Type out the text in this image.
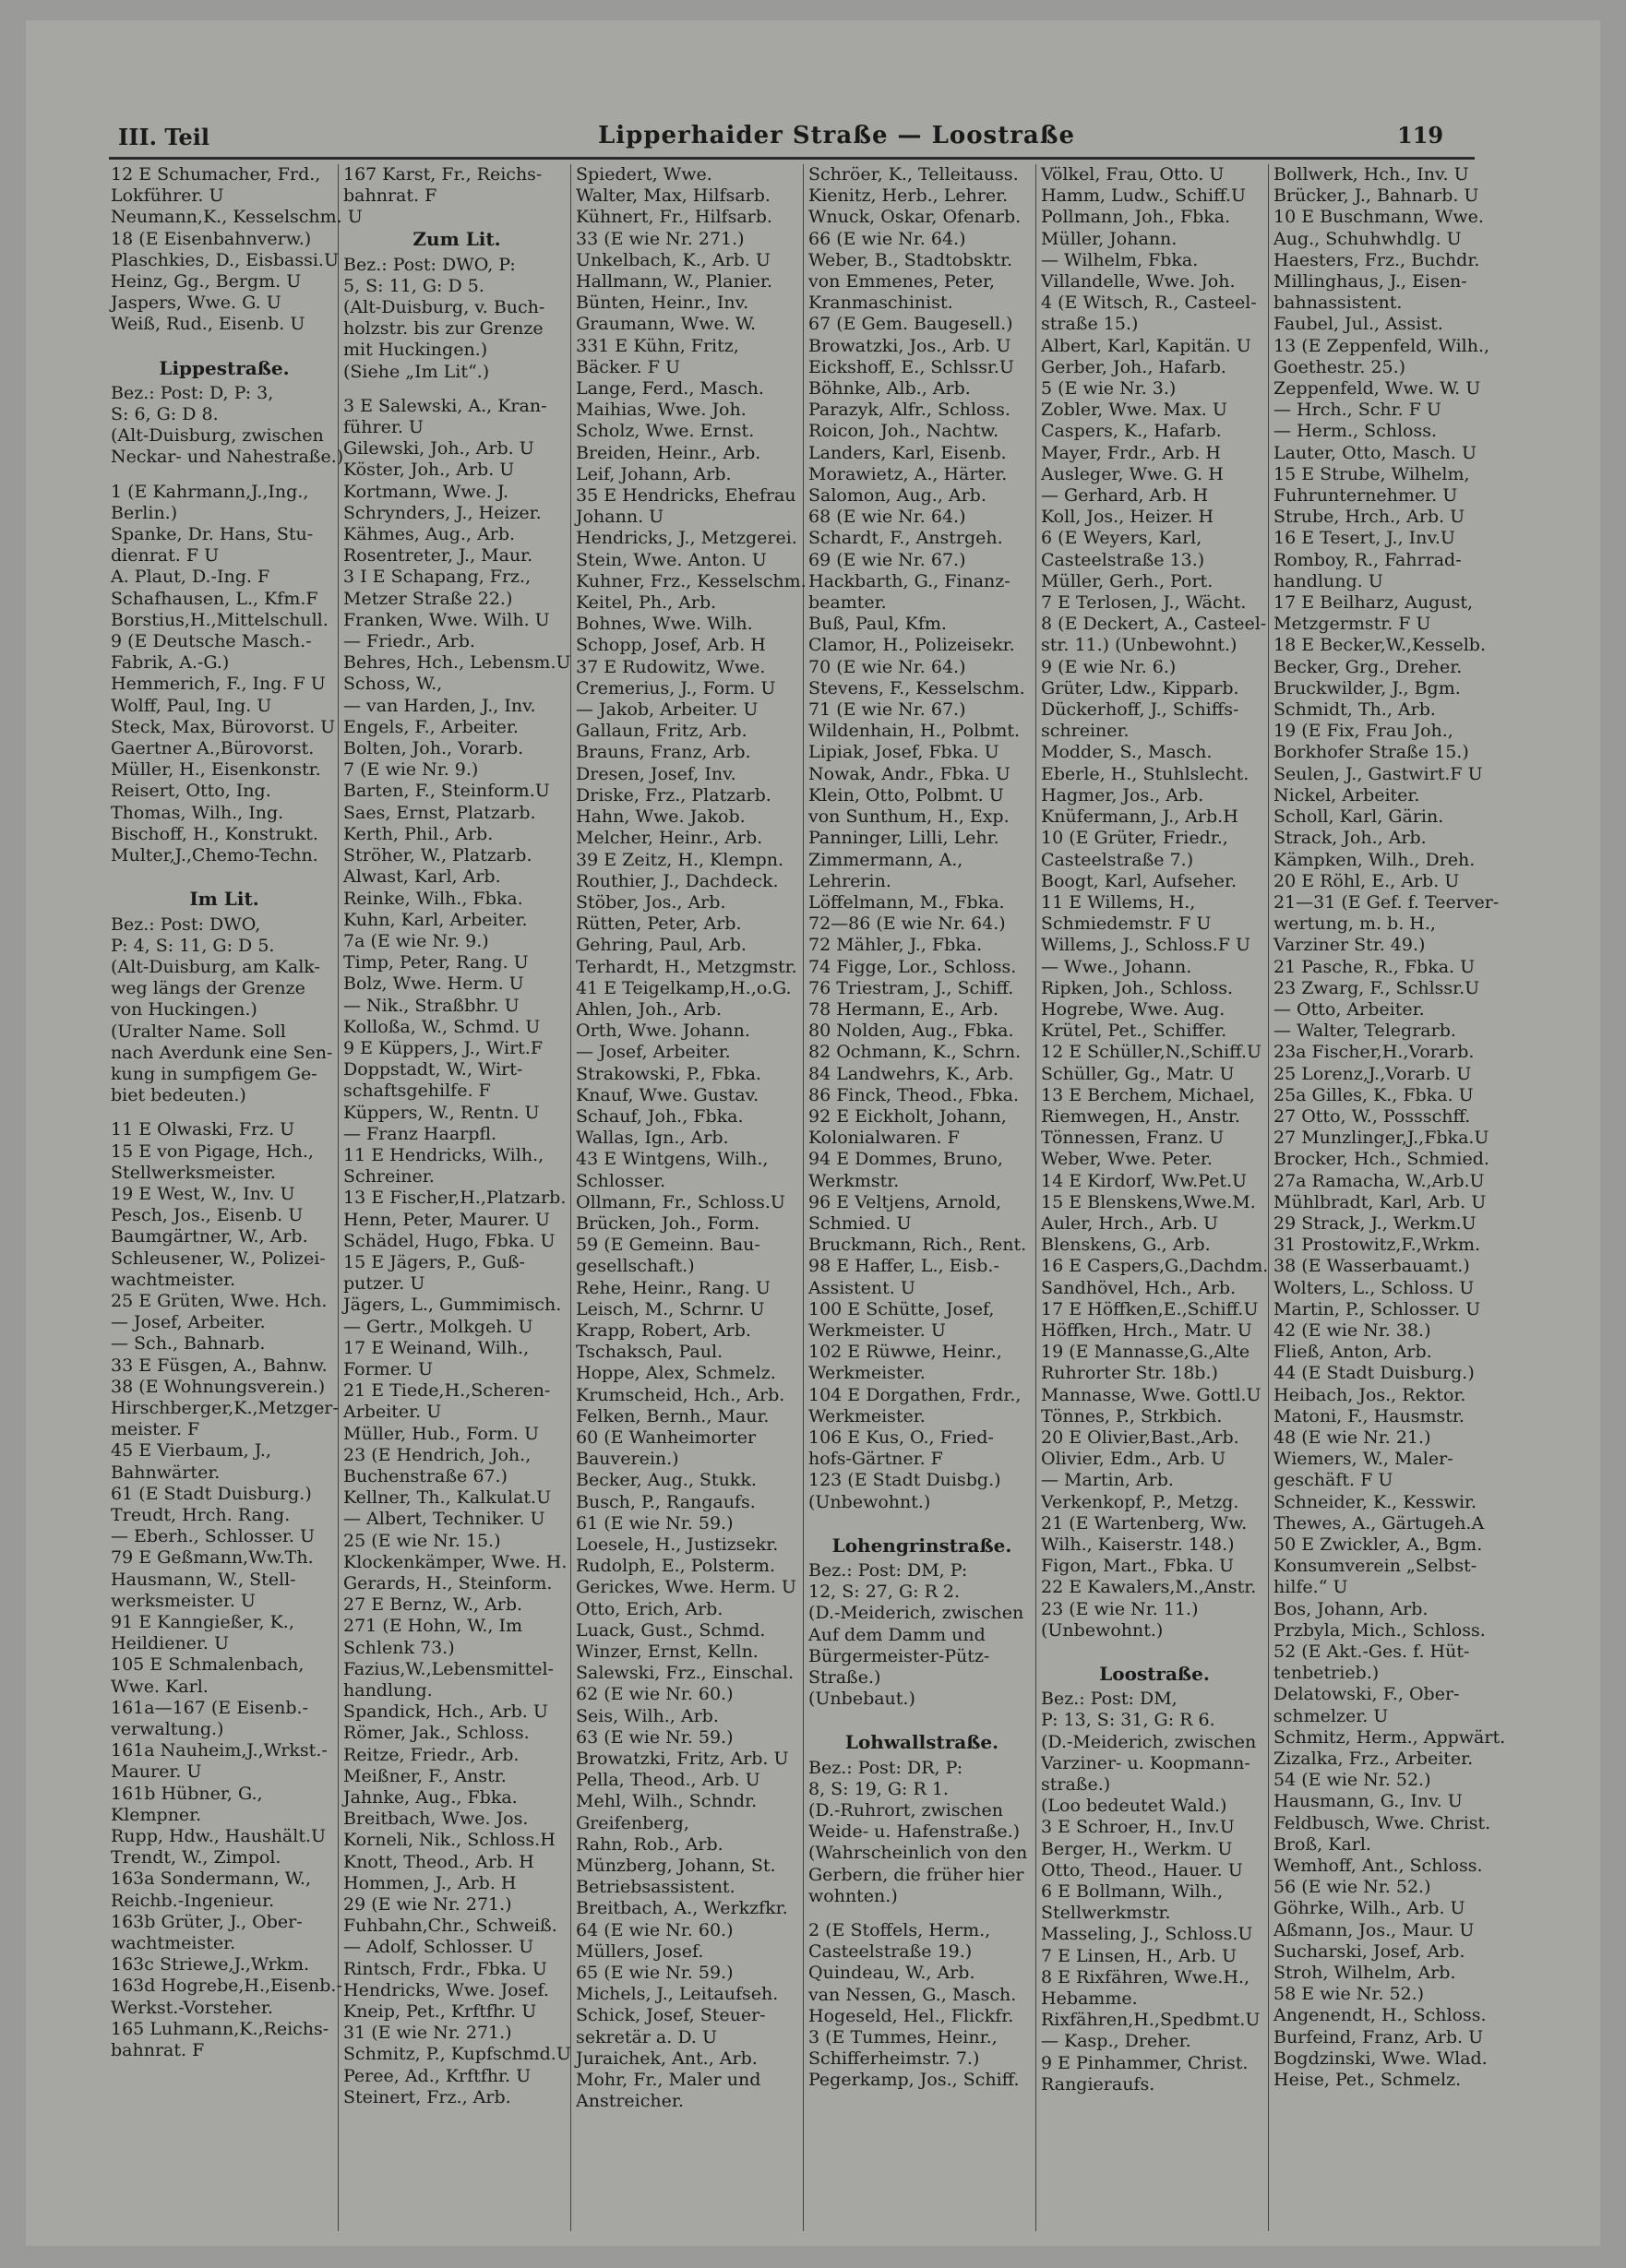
III. Teil	Lipperhaider Straße — Loostraße	119
12 E Schumacher, Frd.,
Lokführer. U
Neumann,K., Kesselschm. U
18 (E Eisenbahnverw.)
Plaschkies, D., Eisbassi.U
Heinz, Gg., Bergm. U
Jaspers, Wwe. G. U
Weiß, Rud., Eisenb. U
Lippestraße.
Bez.: Post: D, P: 3,
S: 6, G: D 8.
(Alt-Duisburg, zwischen
Neckar- und Nahestraße.)
1 (E Kahrmann,J.,Ing.,
Berlin.)
Spanke, Dr. Hans, Stu-
dienrat. F U
A. Plaut, D.-Ing. F
Schafhausen, L., Kfm.F
Borstius,H.,Mittelschull.
9 (E Deutsche Masch.-
Fabrik, A.-G.)
Hemmerich, F., Ing. F U
Wolff, Paul, Ing. U
Steck, Max, Bürovorst. U
Gaertner A.,Bürovorst.
Müller, H., Eisenkonstr.
Reisert, Otto, Ing.
Thomas, Wilh., Ing.
Bischoff, H., Konstrukt.
Multer,J.,Chemo-Techn.
Im Lit.
Bez.: Post: DWO,
P: 4, S: 11, G: D 5.
(Alt-Duisburg, am Kalk-
weg längs der Grenze
von Huckingen.)
(Uralter Name. Soll
nach Averdunk eine Sen-
kung in sumpfigem Ge-
biet bedeuten.)
11 E Olwaski, Frz. U
15 E von Pigage, Hch.,
Stellwerksmeister.
19 E West, W., Inv. U
Pesch, Jos., Eisenb. U
Baumgärtner, W., Arb.
Schleusener, W., Polizei-
wachtmeister.
25 E Grüten, Wwe. Hch.
— Josef, Arbeiter.
— Sch., Bahnarb.
33 E Füsgen, A., Bahnw.
38 (E Wohnungsverein.)
Hirschberger,K.,Metzger-
meister. F
45 E Vierbaum, J.,
Bahnwärter.
61 (E Stadt Duisburg.)
Treudt, Hrch. Rang.
— Eberh., Schlosser. U
79 E Geßmann,Ww.Th.
Hausmann, W., Stell-
werksmeister. U
91 E Kanngießer, K.,
Heildiener. U
105 E Schmalenbach,
Wwe. Karl.
161a—167 (E Eisenb.-
verwaltung.)
161a Nauheim,J.,Wrkst.-
Maurer. U
161b Hübner, G.,
Klempner.
Rupp, Hdw., Haushält.U
Trendt, W., Zimpol.
163a Sondermann, W.,
Reichb.-Ingenieur.
163b Grüter, J., Ober-
wachtmeister.
163c Striewe,J.,Wrkm.
163d Hogrebe,H.,Eisenb.-
Werkst.-Vorsteher.
165 Luhmann,K.,Reichs-
bahnrat. F
167 Karst, Fr., Reichs-
bahnrat. F
Zum Lit.
Bez.: Post: DWO, P:
5, S: 11, G: D 5.
(Alt-Duisburg, v. Buch-
holzstr. bis zur Grenze
mit Huckingen.)
(Siehe „Im Lit“.)
3 E Salewski, A., Kran-
führer. U
Gilewski, Joh., Arb. U
Köster, Joh., Arb. U
Kortmann, Wwe. J.
Schrynders, J., Heizer.
Kähmes, Aug., Arb.
Rosentreter, J., Maur.
3 I E Schapang, Frz.,
Metzer Straße 22.)
Franken, Wwe. Wilh. U
— Friedr., Arb.
Behres, Hch., Lebensm.U
Schoss, W.,
— van Harden, J., Inv.
Engels, F., Arbeiter.
Bolten, Joh., Vorarb.
7 (E wie Nr. 9.)
Barten, F., Steinform.U
Saes, Ernst, Platzarb.
Kerth, Phil., Arb.
Ströher, W., Platzarb.
Alwast, Karl, Arb.
Reinke, Wilh., Fbka.
Kuhn, Karl, Arbeiter.
7a (E wie Nr. 9.)
Timp, Peter, Rang. U
Bolz, Wwe. Herm. U
— Nik., Straßbhr. U
Kolloßa, W., Schmd. U
9 E Küppers, J., Wirt.F
Doppstadt, W., Wirt-
schaftsgehilfe. F
Küppers, W., Rentn. U
— Franz Haarpfl.
11 E Hendricks, Wilh.,
Schreiner.
13 E Fischer,H.,Platzarb.
Henn, Peter, Maurer. U
Schädel, Hugo, Fbka. U
15 E Jägers, P., Guß-
putzer. U
Jägers, L., Gummimisch.
— Gertr., Molkgeh. U
17 E Weinand, Wilh.,
Former. U
21 E Tiede,H.,Scheren-
Arbeiter. U
Müller, Hub., Form. U
23 (E Hendrich, Joh.,
Buchenstraße 67.)
Kellner, Th., Kalkulat.U
— Albert, Techniker. U
25 (E wie Nr. 15.)
Klockenkämper, Wwe. H.
Gerards, H., Steinform.
27 E Bernz, W., Arb.
271 (E Hohn, W., Im
Schlenk 73.)
Fazius,W.,Lebensmittel-
handlung.
Spandick, Hch., Arb. U
Römer, Jak., Schloss.
Reitze, Friedr., Arb.
Meißner, F., Anstr.
Jahnke, Aug., Fbka.
Breitbach, Wwe. Jos.
Korneli, Nik., Schloss.H
Knott, Theod., Arb. H
Hommen, J., Arb. H
29 (E wie Nr. 271.)
Fuhbahn,Chr., Schweiß.
— Adolf, Schlosser. U
Rintsch, Frdr., Fbka. U
Hendricks, Wwe. Josef.
Kneip, Pet., Krftfhr. U
31 (E wie Nr. 271.)
Schmitz, P., Kupfschmd.U
Peree, Ad., Krftfhr. U
Steinert, Frz., Arb.
Spiedert, Wwe.
Walter, Max, Hilfsarb.
Kühnert, Fr., Hilfsarb.
33 (E wie Nr. 271.)
Unkelbach, K., Arb. U
Hallmann, W., Planier.
Bünten, Heinr., Inv.
Graumann, Wwe. W.
331 E Kühn, Fritz,
Bäcker. F U
Lange, Ferd., Masch.
Maihias, Wwe. Joh.
Scholz, Wwe. Ernst.
Breiden, Heinr., Arb.
Leif, Johann, Arb.
35 E Hendricks, Ehefrau
Johann. U
Hendricks, J., Metzgerei.
Stein, Wwe. Anton. U
Kuhner, Frz., Kesselschm.
Keitel, Ph., Arb.
Bohnes, Wwe. Wilh.
Schopp, Josef, Arb. H
37 E Rudowitz, Wwe.
Cremerius, J., Form. U
— Jakob, Arbeiter. U
Gallaun, Fritz, Arb.
Brauns, Franz, Arb.
Dresen, Josef, Inv.
Driske, Frz., Platzarb.
Hahn, Wwe. Jakob.
Melcher, Heinr., Arb.
39 E Zeitz, H., Klempn.
Routhier, J., Dachdeck.
Stöber, Jos., Arb.
Rütten, Peter, Arb.
Gehring, Paul, Arb.
Terhardt, H., Metzgmstr.
41 E Teigelkamp,H.,o.G.
Ahlen, Joh., Arb.
Orth, Wwe. Johann.
— Josef, Arbeiter.
Strakowski, P., Fbka.
Knauf, Wwe. Gustav.
Schauf, Joh., Fbka.
Wallas, Ign., Arb.
43 E Wintgens, Wilh.,
Schlosser.
Ollmann, Fr., Schloss.U
Brücken, Joh., Form.
59 (E Gemeinn. Bau-
gesellschaft.)
Rehe, Heinr., Rang. U
Leisch, M., Schrnr. U
Krapp, Robert, Arb.
Tschaksch, Paul.
Hoppe, Alex, Schmelz.
Krumscheid, Hch., Arb.
Felken, Bernh., Maur.
60 (E Wanheimorter
Bauverein.)
Becker, Aug., Stukk.
Busch, P., Rangaufs.
61 (E wie Nr. 59.)
Loesele, H., Justizsekr.
Rudolph, E., Polsterm.
Gerickes, Wwe. Herm. U
Otto, Erich, Arb.
Luack, Gust., Schmd.
Winzer, Ernst, Kelln.
Salewski, Frz., Einschal.
62 (E wie Nr. 60.)
Seis, Wilh., Arb.
63 (E wie Nr. 59.)
Browatzki, Fritz, Arb. U
Pella, Theod., Arb. U
Mehl, Wilh., Schndr.
Greifenberg,
Rahn, Rob., Arb.
Münzberg, Johann, St.
Betriebsassistent.
Breitbach, A., Werkzfkr.
64 (E wie Nr. 60.)
Müllers, Josef.
65 (E wie Nr. 59.)
Michels, J., Leitaufseh.
Schick, Josef, Steuer-
sekretär a. D. U
Juraichek, Ant., Arb.
Mohr, Fr., Maler und
Anstreicher.
Schröer, K., Telleitauss.
Kienitz, Herb., Lehrer.
Wnuck, Oskar, Ofenarb.
66 (E wie Nr. 64.)
Weber, B., Stadtobsktr.
von Emmenes, Peter,
Kranmaschinist.
67 (E Gem. Baugesell.)
Browatzki, Jos., Arb. U
Eickshoff, E., Schlssr.U
Böhnke, Alb., Arb.
Parazyk, Alfr., Schloss.
Roicon, Joh., Nachtw.
Landers, Karl, Eisenb.
Morawietz, A., Härter.
Salomon, Aug., Arb.
68 (E wie Nr. 64.)
Schardt, F., Anstrgeh.
69 (E wie Nr. 67.)
Hackbarth, G., Finanz-
beamter.
Buß, Paul, Kfm.
Clamor, H., Polizeisekr.
70 (E wie Nr. 64.)
Stevens, F., Kesselschm.
71 (E wie Nr. 67.)
Wildenhain, H., Polbmt.
Lipiak, Josef, Fbka. U
Nowak, Andr., Fbka. U
Klein, Otto, Polbmt. U
von Sunthum, H., Exp.
Panninger, Lilli, Lehr.
Zimmermann, A.,
Lehrerin.
Löffelmann, M., Fbka.
72—86 (E wie Nr. 64.)
72 Mähler, J., Fbka.
74 Figge, Lor., Schloss.
76 Triestram, J., Schiff.
78 Hermann, E., Arb.
80 Nolden, Aug., Fbka.
82 Ochmann, K., Schrn.
84 Landwehrs, K., Arb.
86 Finck, Theod., Fbka.
92 E Eickholt, Johann,
Kolonialwaren. F
94 E Dommes, Bruno,
Werkmstr.
96 E Veltjens, Arnold,
Schmied. U
Bruckmann, Rich., Rent.
98 E Haffer, L., Eisb.-
Assistent. U
100 E Schütte, Josef,
Werkmeister. U
102 E Rüwwe, Heinr.,
Werkmeister.
104 E Dorgathen, Frdr.,
Werkmeister.
106 E Kus, O., Fried-
hofs-Gärtner. F
123 (E Stadt Duisbg.)
(Unbewohnt.)
Lohengrinstraße.
Bez.: Post: DM, P:
12, S: 27, G: R 2.
(D.-Meiderich, zwischen
Auf dem Damm und
Bürgermeister-Pütz-
Straße.)
(Unbebaut.)
Lohwallstraße.
Bez.: Post: DR, P:
8, S: 19, G: R 1.
(D.-Ruhrort, zwischen
Weide- u. Hafenstraße.)
(Wahrscheinlich von den
Gerbern, die früher hier
wohnten.)
2 (E Stoffels, Herm.,
Casteelstraße 19.)
Quindeau, W., Arb.
van Nessen, G., Masch.
Hogeseld, Hel., Flickfr.
3 (E Tummes, Heinr.,
Schifferheimstr. 7.)
Pegerkamp, Jos., Schiff.
Völkel, Frau, Otto. U
Hamm, Ludw., Schiff.U
Pollmann, Joh., Fbka.
Müller, Johann.
— Wilhelm, Fbka.
Villandelle, Wwe. Joh.
4 (E Witsch, R., Casteel-
straße 15.)
Albert, Karl, Kapitän. U
Gerber, Joh., Hafarb.
5 (E wie Nr. 3.)
Zobler, Wwe. Max. U
Caspers, K., Hafarb.
Mayer, Frdr., Arb. H
Ausleger, Wwe. G. H
— Gerhard, Arb. H
Koll, Jos., Heizer. H
6 (E Weyers, Karl,
Casteelstraße 13.)
Müller, Gerh., Port.
7 E Terlosen, J., Wächt.
8 (E Deckert, A., Casteel-
str. 11.) (Unbewohnt.)
9 (E wie Nr. 6.)
Grüter, Ldw., Kipparb.
Dückerhoff, J., Schiffs-
schreiner.
Modder, S., Masch.
Eberle, H., Stuhlslecht.
Hagmer, Jos., Arb.
Knüfermann, J., Arb.H
10 (E Grüter, Friedr.,
Casteelstraße 7.)
Boogt, Karl, Aufseher.
11 E Willems, H.,
Schmiedemstr. F U
Willems, J., Schloss.F U
— Wwe., Johann.
Ripken, Joh., Schloss.
Hogrebe, Wwe. Aug.
Krütel, Pet., Schiffer.
12 E Schüller,N.,Schiff.U
Schüller, Gg., Matr. U
13 E Berchem, Michael,
Riemwegen, H., Anstr.
Tönnessen, Franz. U
Weber, Wwe. Peter.
14 E Kirdorf, Ww.Pet.U
15 E Blenskens,Wwe.M.
Auler, Hrch., Arb. U
Blenskens, G., Arb.
16 E Caspers,G.,Dachdm.
Sandhövel, Hch., Arb.
17 E Höffken,E.,Schiff.U
Höffken, Hrch., Matr. U
19 (E Mannasse,G.,Alte
Ruhrorter Str. 18b.)
Mannasse, Wwe. Gottl.U
Tönnes, P., Strkbich.
20 E Olivier,Bast.,Arb.
Olivier, Edm., Arb. U
— Martin, Arb.
Verkenkopf, P., Metzg.
21 (E Wartenberg, Ww.
Wilh., Kaiserstr. 148.)
Figon, Mart., Fbka. U
22 E Kawalers,M.,Anstr.
23 (E wie Nr. 11.)
(Unbewohnt.)
Loostraße.
Bez.: Post: DM,
P: 13, S: 31, G: R 6.
(D.-Meiderich, zwischen
Varziner- u. Koopmann-
straße.)
(Loo bedeutet Wald.)
3 E Schroer, H., Inv.U
Berger, H., Werkm. U
Otto, Theod., Hauer. U
6 E Bollmann, Wilh.,
Stellwerkmstr.
Masseling, J., Schloss.U
7 E Linsen, H., Arb. U
8 E Rixfähren, Wwe.H.,
Hebamme.
Rixfähren,H.,Spedbmt.U
— Kasp., Dreher.
9 E Pinhammer, Christ.
Rangieraufs.
Bollwerk, Hch., Inv. U
Brücker, J., Bahnarb. U
10 E Buschmann, Wwe.
Aug., Schuhwhdlg. U
Haesters, Frz., Buchdr.
Millinghaus, J., Eisen-
bahnassistent.
Faubel, Jul., Assist.
13 (E Zeppenfeld, Wilh.,
Goethestr. 25.)
Zeppenfeld, Wwe. W. U
— Hrch., Schr. F U
— Herm., Schloss.
Lauter, Otto, Masch. U
15 E Strube, Wilhelm,
Fuhrunternehmer. U
Strube, Hrch., Arb. U
16 E Tesert, J., Inv.U
Romboy, R., Fahrrad-
handlung. U
17 E Beilharz, August,
Metzgermstr. F U
18 E Becker,W.,Kesselb.
Becker, Grg., Dreher.
Bruckwilder, J., Bgm.
Schmidt, Th., Arb.
19 (E Fix, Frau Joh.,
Borkhofer Straße 15.)
Seulen, J., Gastwirt.F U
Nickel, Arbeiter.
Scholl, Karl, Gärin.
Strack, Joh., Arb.
Kämpken, Wilh., Dreh.
20 E Röhl, E., Arb. U
21—31 (E Gef. f. Teerver-
wertung, m. b. H.,
Varziner Str. 49.)
21 Pasche, R., Fbka. U
23 Zwarg, F., Schlssr.U
— Otto, Arbeiter.
— Walter, Telegrarb.
23a Fischer,H.,Vorarb.
25 Lorenz,J.,Vorarb. U
25a Gilles, K., Fbka. U
27 Otto, W., Possschff.
27 Munzlinger,J.,Fbka.U
Brocker, Hch., Schmied.
27a Ramacha, W.,Arb.U
Mühlbradt, Karl, Arb. U
29 Strack, J., Werkm.U
31 Prostowitz,F.,Wrkm.
38 (E Wasserbauamt.)
Wolters, L., Schloss. U
Martin, P., Schlosser. U
42 (E wie Nr. 38.)
Fließ, Anton, Arb.
44 (E Stadt Duisburg.)
Heibach, Jos., Rektor.
Matoni, F., Hausmstr.
48 (E wie Nr. 21.)
Wiemers, W., Maler-
geschäft. F U
Schneider, K., Kesswir.
Thewes, A., Gärtugeh.A
50 E Zwickler, A., Bgm.
Konsumverein „Selbst-
hilfe.“ U
Bos, Johann, Arb.
Przbyla, Mich., Schloss.
52 (E Akt.-Ges. f. Hüt-
tenbetrieb.)
Delatowski, F., Ober-
schmelzer. U
Schmitz, Herm., Appwärt.
Zizalka, Frz., Arbeiter.
54 (E wie Nr. 52.)
Hausmann, G., Inv. U
Feldbusch, Wwe. Christ.
Broß, Karl.
Wemhoff, Ant., Schloss.
56 (E wie Nr. 52.)
Göhrke, Wilh., Arb. U
Aßmann, Jos., Maur. U
Sucharski, Josef, Arb.
Stroh, Wilhelm, Arb.
58 E wie Nr. 52.)
Angenendt, H., Schloss.
Burfeind, Franz, Arb. U
Bogdzinski, Wwe. Wlad.
Heise, Pet., Schmelz.
